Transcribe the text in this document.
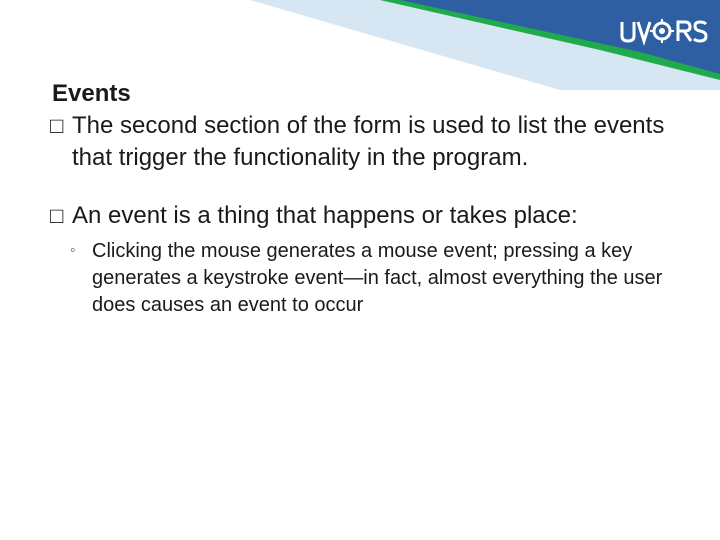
Events

□ The second section of the form is used to list the events that trigger the functionality in the program.

□ An event is a thing that happens or takes place:

◦ Clicking the mouse generates a mouse event; pressing a key generates a keystroke event—in fact, almost everything the user does causes an event to occur
